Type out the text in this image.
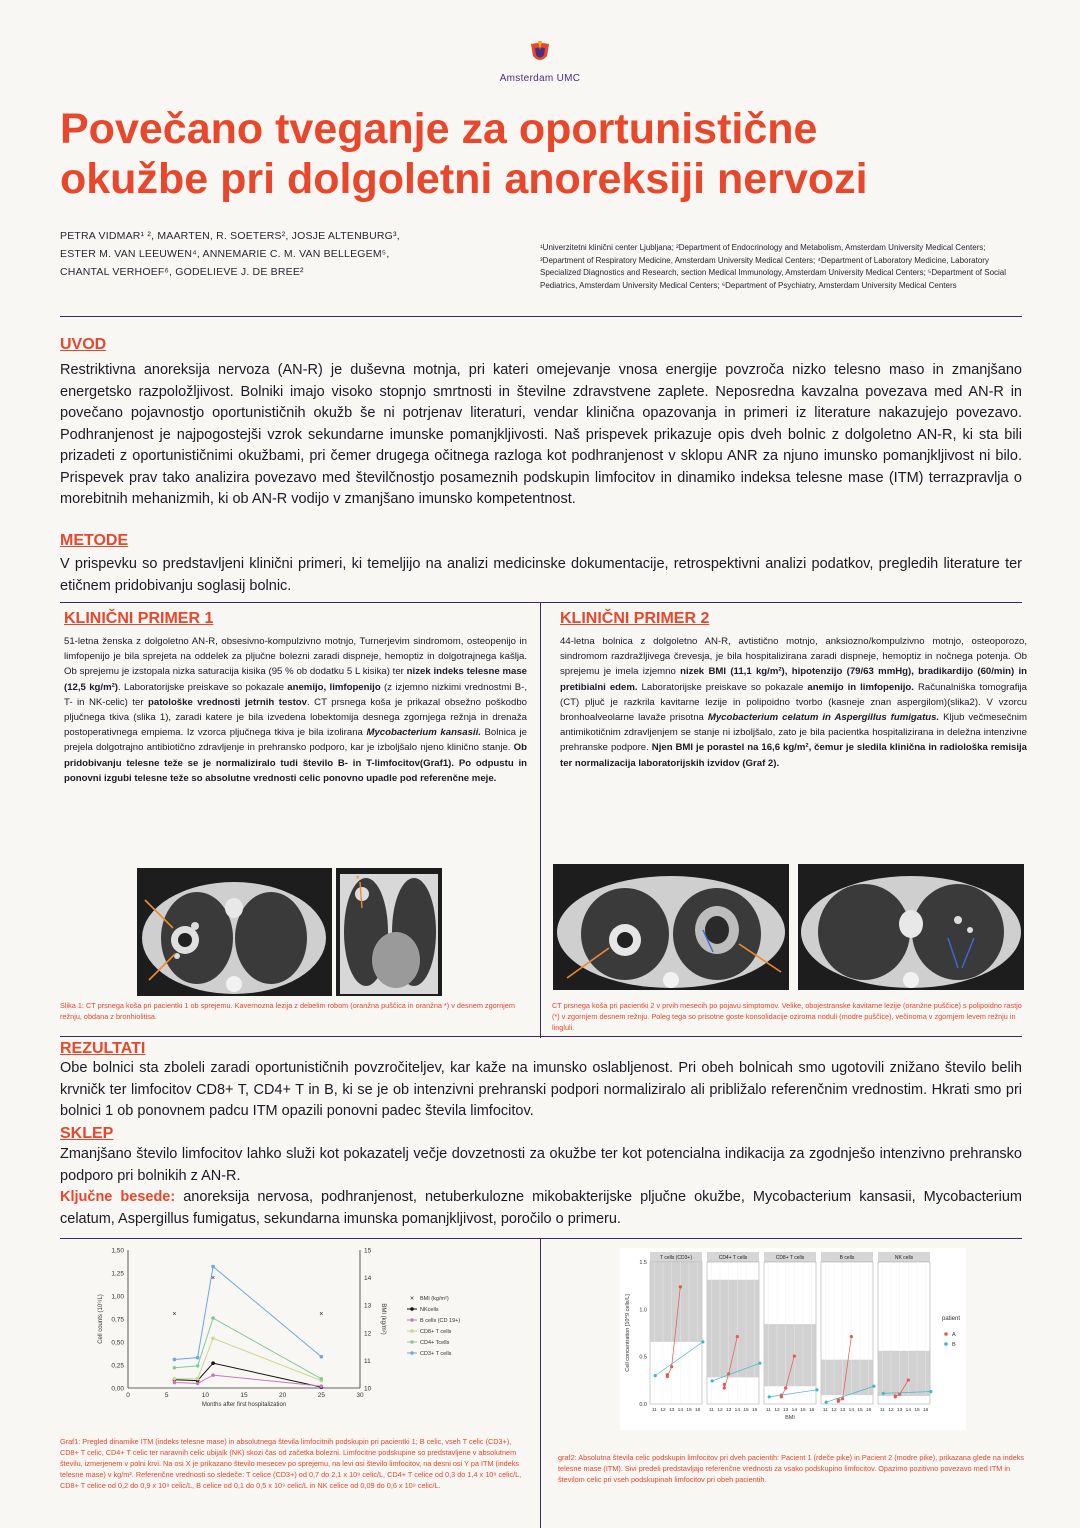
Amsterdam UMC
Povečano tveganje za oportunistične
okužbe pri dolgoletni anoreksiji nervozi
PETRA VIDMAR¹ ², MAARTEN, R. SOETERS², JOSJE ALTENBURG³,
ESTER M. VAN LEEUWEN⁴, ANNEMARIE C. M. VAN BELLEGEM⁵,
CHANTAL VERHOEF⁶, GODELIEVE J. DE BREE²
¹Univerzitetni klinični center Ljubljana; ²Department of Endocrinology and Metabolism, Amsterdam University Medical Centers; ³Department of Respiratory Medicine, Amsterdam University Medical Centers; ⁴Department of Laboratory Medicine, Laboratory Specialized Diagnostics and Research, section Medical Immunology, Amsterdam University Medical Centers; ⁵Department of Social Pediatrics, Amsterdam University Medical Centers; ⁶Department of Psychiatry, Amsterdam University Medical Centers
UVOD
Restriktivna anoreksija nervoza (AN-R) je duševna motnja, pri kateri omejevanje vnosa energije povzroča nizko telesno maso in zmanjšano energetsko razpoložljivost. Bolniki imajo visoko stopnjo smrtnosti in številne zdravstvene zaplete. Neposredna kavzalna povezava med AN-R in povečano pojavnostjo oportunističnih okužb še ni potrjenav literaturi, vendar klinična opazovanja in primeri iz literature nakazujejo povezavo. Podhranjenost je najpogostejši vzrok sekundarne imunske pomanjkljivosti. Naš prispevek prikazuje opis dveh bolnic z dolgoletno AN-R, ki sta bili prizadeti z oportunističnimi okužbami, pri čemer drugega očitnega razloga kot podhranjenost v sklopu ANR za njuno imunsko pomanjkljivost ni bilo. Prispevek prav tako analizira povezavo med številčnostjo posameznih podskupin limfocitov in dinamiko indeksa telesne mase (ITM) terrazpravlja o morebitnih mehanizmih, ki ob AN-R vodijo v zmanjšano imunsko kompetentnost.
METODE
V prispevku so predstavljeni klinični primeri, ki temeljijo na analizi medicinske dokumentacije, retrospektivni analizi podatkov, pregledih literature ter etičnem pridobivanju soglasij bolnic.
KLINIČNI PRIMER 1
51-letna ženska z dolgoletno AN-R, obsesivno-kompulzivno motnjo, Turnerjevim sindromom, osteopenijo in limfopenijo je bila sprejeta na oddelek za pljučne bolezni zaradi dispneje, hemoptiz in dolgotrajnega kašlja. Ob sprejemu je izstopala nizka saturacija kisika (95 % ob dodatku 5 L kisika) ter nizek indeks telesne mase (12,5 kg/m²). Laboratorijske preiskave so pokazale anemijo, limfopenijo (z izjemno nizkimi vrednostmi B-, T- in NK-celic) ter patološke vrednosti jetrnih testov. CT prsnega koša je prikazal obsežno poškodbo pljučnega tkiva (slika 1), zaradi katere je bila izvedena lobektomija desnega zgornjega režnja in drenaža postoperativnega empiema. Iz vzorca pljučnega tkiva je bila izolirana Mycobacterium kansasii. Bolnica je prejela dolgotrajno antibiotično zdravljenje in prehransko podporo, kar je izboljšalo njeno klinično stanje. Ob pridobivanju telesne teže se je normaliziralo tudi število B- in T-limfocitov(Graf1). Po odpustu in ponovni izgubi telesne teže so absolutne vrednosti celic ponovno upadle pod referenčne meje.
*
Slika 1: CT prsnega koša pri pacientki 1 ob sprejemu. Kavernozna lezija z debelim robom (oranžna puščica in oranžna *) v desnem zgornjem režnju, obdana z bronhiolitisa.
KLINIČNI PRIMER 2
44-letna bolnica z dolgoletno AN-R, avtistično motnjo, anksiozno/kompulzivno motnjo, osteoporozo, sindromom razdražljivega črevesja, je bila hospitalizirana zaradi dispneje, hemoptiz in nočnega potenja. Ob sprejemu je imela izjemno nizek BMI (11,1 kg/m²), hipotenzijo (79/63 mmHg), bradikardijo (60/min) in pretibialni edem. Laboratorijske preiskave so pokazale anemijo in limfopenijo. Računalniška tomografija (CT) pljuč je razkrila kavitarne lezije in polipoidno tvorbo (kasneje znan aspergilom)(slika2). V vzorcu bronhoalveolarne lavaže prisotna Mycobacterium celatum in Aspergillus fumigatus. Kljub večmesečnim antimikotičnim zdravljenjem se stanje ni izboljšalo, zato je bila pacientka hospitalizirana in deležna intenzivne prehranske podpore. Njen BMI je porastel na 16,6 kg/m², čemur je sledila klinična in radiološka remisija ter normalizacija laboratorijskih izvidov (Graf 2).
CT prsnega koša pri pacientki 2 v prvih mesecih po pojavu simptomov. Velike, obojestranske kavitarne lezije (oranžne puščice) s polipoidno rastjo (*) v zgornjem desnem režnju. Poleg tega so prisotne goste konsolidacije oziroma noduli (modre puščice), večinoma v zgornjem levem režnju in lingluli.
REZULTATI
Obe bolnici sta zboleli zaradi oportunističnih povzročiteljev, kar kaže na imunsko oslabljenost. Pri obeh bolnicah smo ugotovili znižano število belih krvničk ter limfocitov CD8+ T, CD4+ T in B, ki se je ob intenzivni prehranski podpori normaliziralo ali približalo referenčnim vrednostim. Hkrati smo pri bolnici 1 ob ponovnem padcu ITM opazili ponovni padec števila limfocitov.
SKLEP
Zmanjšano število limfocitov lahko služi kot pokazatelj večje dovzetnosti za okužbe ter kot potencialna indikacija za zgodnješo intenzivno prehransko podporo pri bolnikih z AN-R.
Ključne besede: anoreksija nervosa, podhranjenost, netuberkulozne mikobakterijske pljučne okužbe, Mycobacterium kansasii, Mycobacterium celatum, Aspergillus fumigatus, sekundarna imunska pomanjkljivost, poročilo o primeru.
0,00
0,25
0,50
0,75
1,00
1,25
1,50
10
11
12
13
14
15
0	5	10	15	20	25	30
Months after first hospitalization
Cell counts (10⁹/L)	BMI (kg/m²)
×
×
×
× BMI (kg/m²)
NKcells
B cells (CD 19+)
CD8+ T cells
CD4+ Tcells
CD3+ T cells
Graf1: Pregled dinamike ITM (indeks telesne mase) in absolutnega števila limfocitnih podskupin pri pacientki 1; B celic, vseh T celic (CD3+), CD8+ T celic, CD4+ T celic ter naravnih celic ubijalk (NK) skozi čas od začetka bolezni. Limfocitne podskupine so predstavljene v absolutnem številu, izmerjenem v polni krvi. Na osi X je prikazano število mesecev po sprejemu, na levi osi število limfocitov, na desni osi Y pa ITM (indeks telesne mase) v kg/m². Referenčne vrednosti so sledeče: T celice (CD3+) od 0,7 do 2,1 x 10⁹ celic/L, CD4+ T celice od 0,3 do 1,4 x 10⁹ celic/L, CD8+ T celice od 0,2 do 0,9 x 10⁹ celic/L, B celice od 0,1 do 0,5 x 10⁹ celic/L in NK celice od 0,09 do 0,6 x 10⁹ celic/L.
0.0
0.5
1.0
1.5
Cell concentration [10^9 cells/L]
T cells (CD3+)
11 12 13 14 15 16
CD4+ T cells
11 12 13 14 15 16
CD8+ T cells
11 12 13 14 15 16
B cells
11 12 13 14 15 16
NK cells
11 12 13 14 15 16
BMI
patient
A
B
graf2: Absolutna števila celic podskupin limfocitov pri dveh pacientih: Pacient 1 (rdeče pike) in Pacient 2 (modre pike), prikazana glede na indeks telesne mase (ITM). Sivi predeli predstavljajo referenčne vrednosti za vsako podskupino limfocitov. Opazimo pozitivno povezavo med ITM in številom celic pri vseh podskupinah limfocitov pri obeh pacientih.
